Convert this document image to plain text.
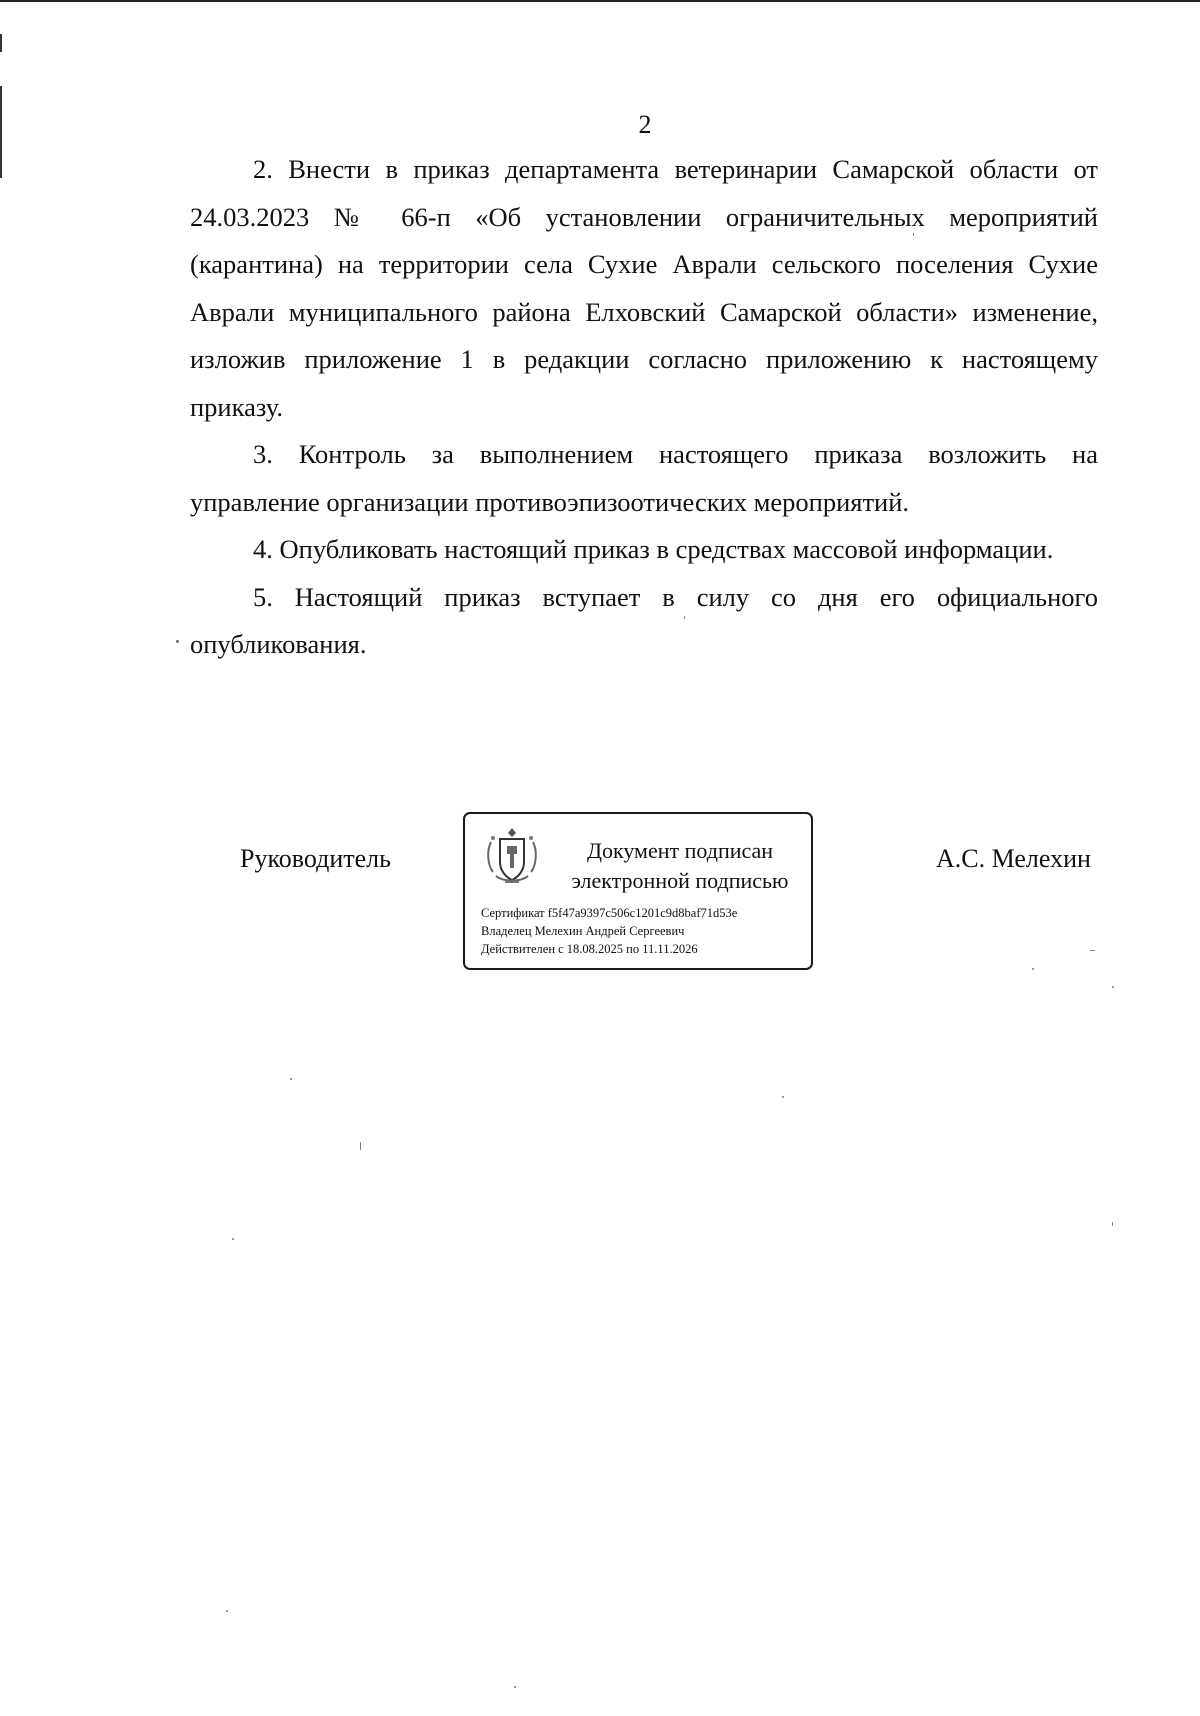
2

2. Внести в приказ департамента ветеринарии Самарской области от 24.03.2023 № 66-п «Об установлении ограничительных мероприятий (карантина) на территории села Сухие Аврали сельского поселения Сухие Аврали муниципального района Елховский Самарской области» изменение, изложив приложение 1 в редакции согласно приложению к настоящему приказу.

3. Контроль за выполнением настоящего приказа возложить на управление организации противоэпизоотических мероприятий.

4. Опубликовать настоящий приказ в средствах массовой информации.

5. Настоящий приказ вступает в силу со дня его официального опубликования.

Руководитель	Документ подписан
электронной подписью
Сертификат f5f47a9397c506c1201c9d8baf71d53e
Владелец Мелехин Андрей Сергеевич
Действителен с 18.08.2025 по 11.11.2026
А.С. Мелехин
